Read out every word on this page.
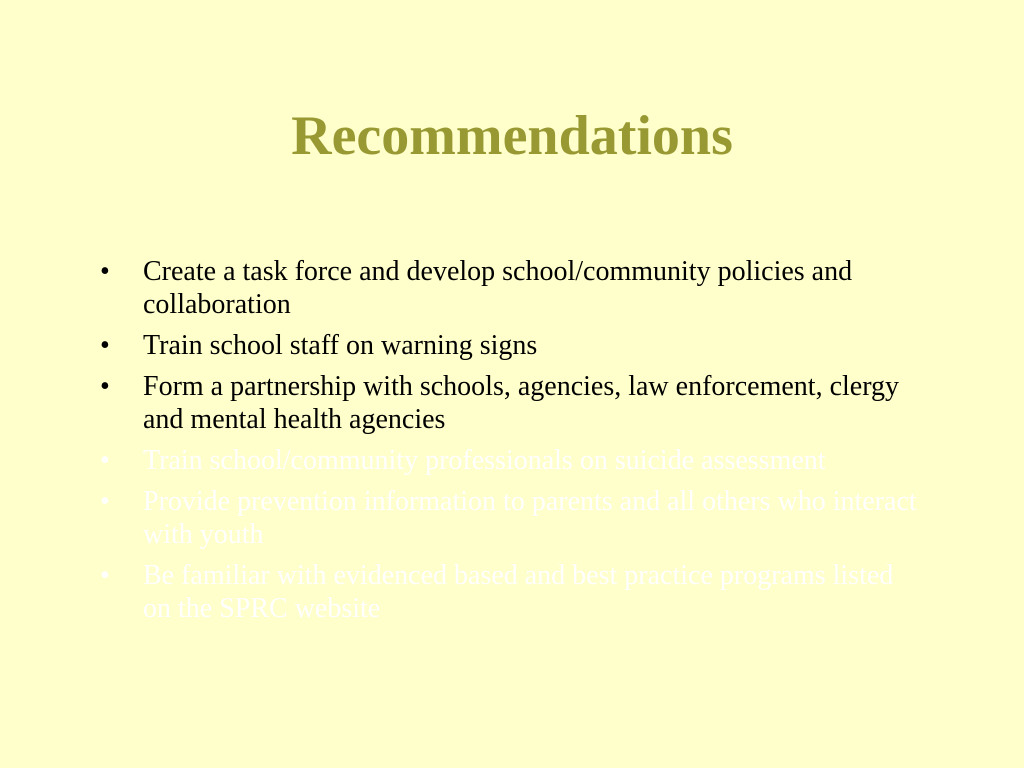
Recommendations
•	Create a task force and develop school/community policies and collaboration
•	Train school staff on warning signs
•	Form a partnership with schools, agencies, law enforcement, clergy and mental health agencies
•	Train school/community professionals on suicide assessment
•	Provide prevention information to parents and all others who interact with youth
•	Be familiar with evidenced based and best practice programs listed on the SPRC website
